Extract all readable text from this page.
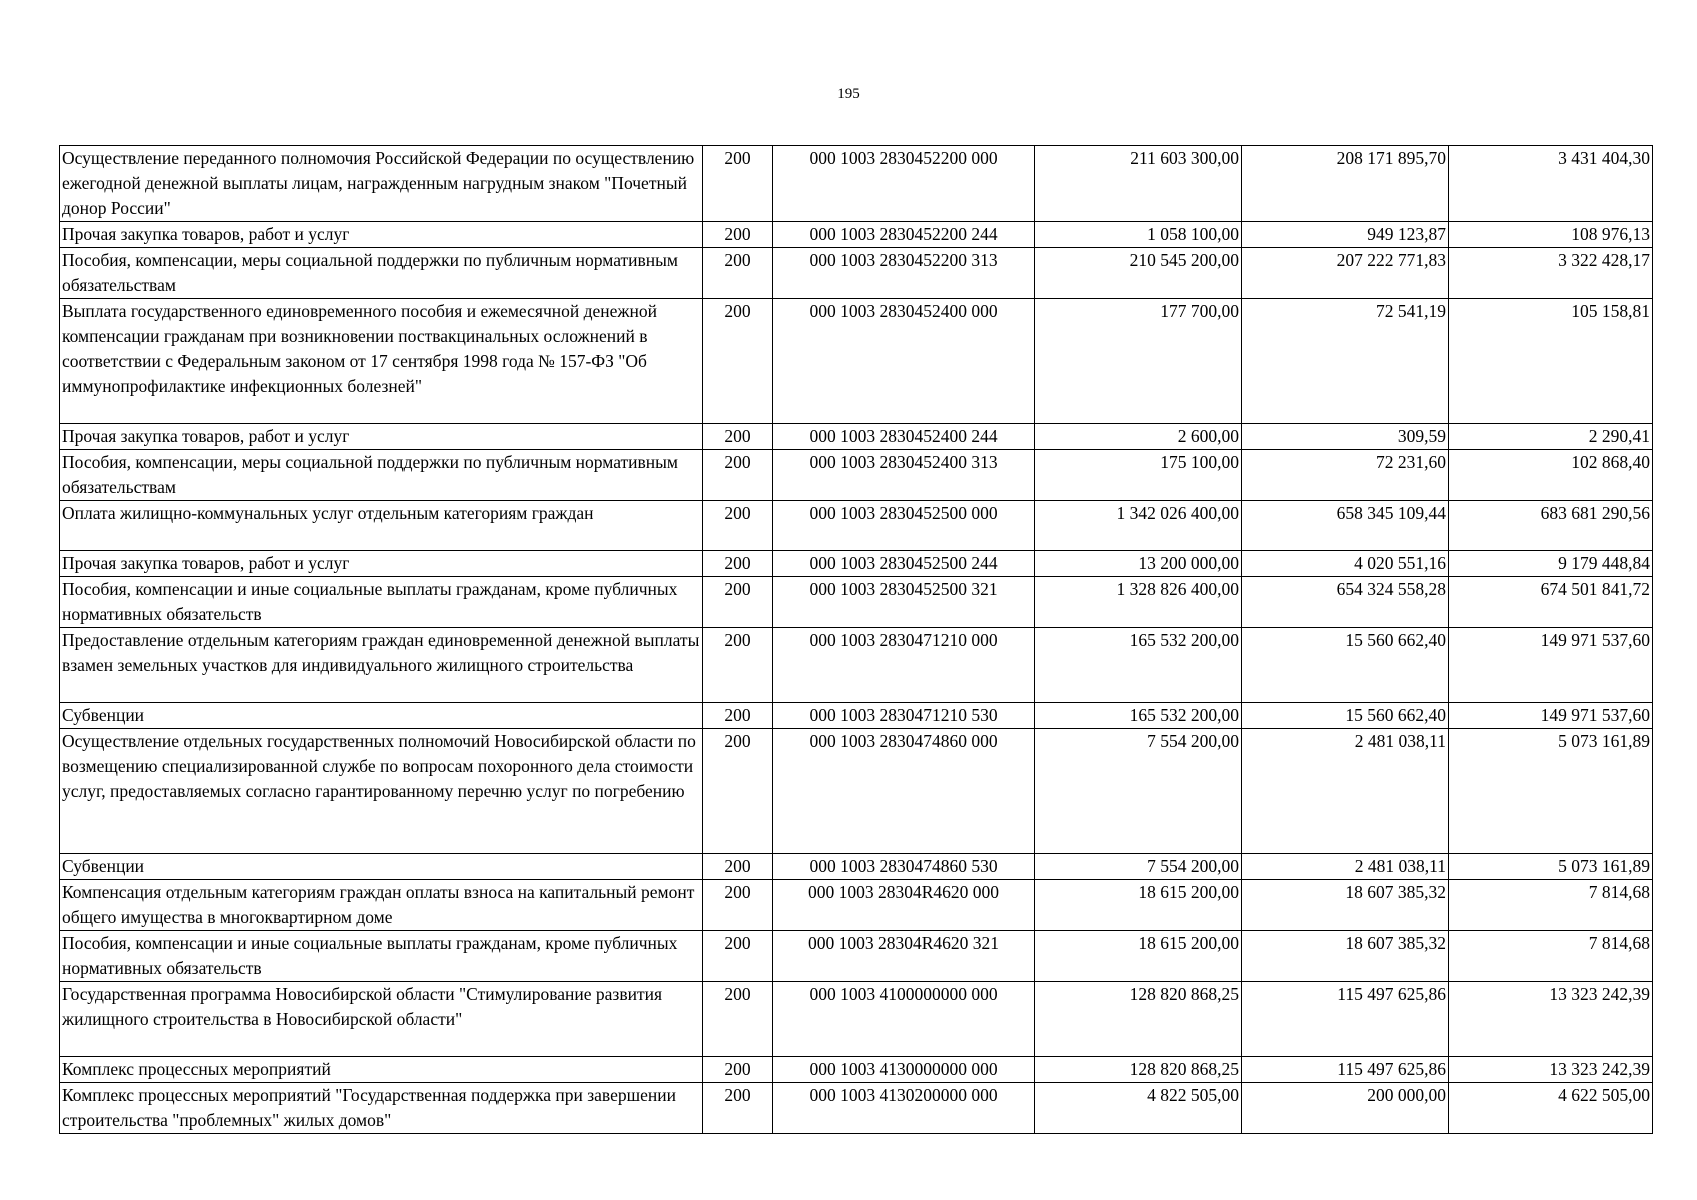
195
Осуществление переданного полномочия Российской Федерации по осуществлению ежегодной денежной выплаты лицам, награжденным нагрудным знаком "Почетный донор России"	200	000 1003 2830452200 000	211 603 300,00	208 171 895,70	3 431 404,30
Прочая закупка товаров, работ и услуг	200	000 1003 2830452200 244	1 058 100,00	949 123,87	108 976,13
Пособия, компенсации, меры социальной поддержки по публичным нормативным обязательствам	200	000 1003 2830452200 313	210 545 200,00	207 222 771,83	3 322 428,17
Выплата государственного единовременного пособия и ежемесячной денежной компенсации гражданам при возникновении поствакцинальных осложнений в соответствии с Федеральным законом от 17 сентября 1998 года № 157-ФЗ "Об иммунопрофилактике инфекционных болезней"	200	000 1003 2830452400 000	177 700,00	72 541,19	105 158,81
Прочая закупка товаров, работ и услуг	200	000 1003 2830452400 244	2 600,00	309,59	2 290,41
Пособия, компенсации, меры социальной поддержки по публичным нормативным обязательствам	200	000 1003 2830452400 313	175 100,00	72 231,60	102 868,40
Оплата жилищно-коммунальных услуг отдельным категориям граждан	200	000 1003 2830452500 000	1 342 026 400,00	658 345 109,44	683 681 290,56
Прочая закупка товаров, работ и услуг	200	000 1003 2830452500 244	13 200 000,00	4 020 551,16	9 179 448,84
Пособия, компенсации и иные социальные выплаты гражданам, кроме публичных нормативных обязательств	200	000 1003 2830452500 321	1 328 826 400,00	654 324 558,28	674 501 841,72
Предоставление отдельным категориям граждан единовременной денежной выплаты взамен земельных участков для индивидуального жилищного строительства	200	000 1003 2830471210 000	165 532 200,00	15 560 662,40	149 971 537,60
Субвенции	200	000 1003 2830471210 530	165 532 200,00	15 560 662,40	149 971 537,60
Осуществление отдельных государственных полномочий Новосибирской области по возмещению специализированной службе по вопросам похоронного дела стоимости услуг, предоставляемых согласно гарантированному перечню услуг по погребению	200	000 1003 2830474860 000	7 554 200,00	2 481 038,11	5 073 161,89
Субвенции	200	000 1003 2830474860 530	7 554 200,00	2 481 038,11	5 073 161,89
Компенсация отдельным категориям граждан оплаты взноса на капитальный ремонт общего имущества в многоквартирном доме	200	000 1003 28304R4620 000	18 615 200,00	18 607 385,32	7 814,68
Пособия, компенсации и иные социальные выплаты гражданам, кроме публичных нормативных обязательств	200	000 1003 28304R4620 321	18 615 200,00	18 607 385,32	7 814,68
Государственная программа Новосибирской области "Стимулирование развития жилищного строительства в Новосибирской области"	200	000 1003 4100000000 000	128 820 868,25	115 497 625,86	13 323 242,39
Комплекс процессных мероприятий	200	000 1003 4130000000 000	128 820 868,25	115 497 625,86	13 323 242,39
Комплекс процессных мероприятий "Государственная поддержка при завершении строительства "проблемных" жилых домов"	200	000 1003 4130200000 000	4 822 505,00	200 000,00	4 622 505,00
